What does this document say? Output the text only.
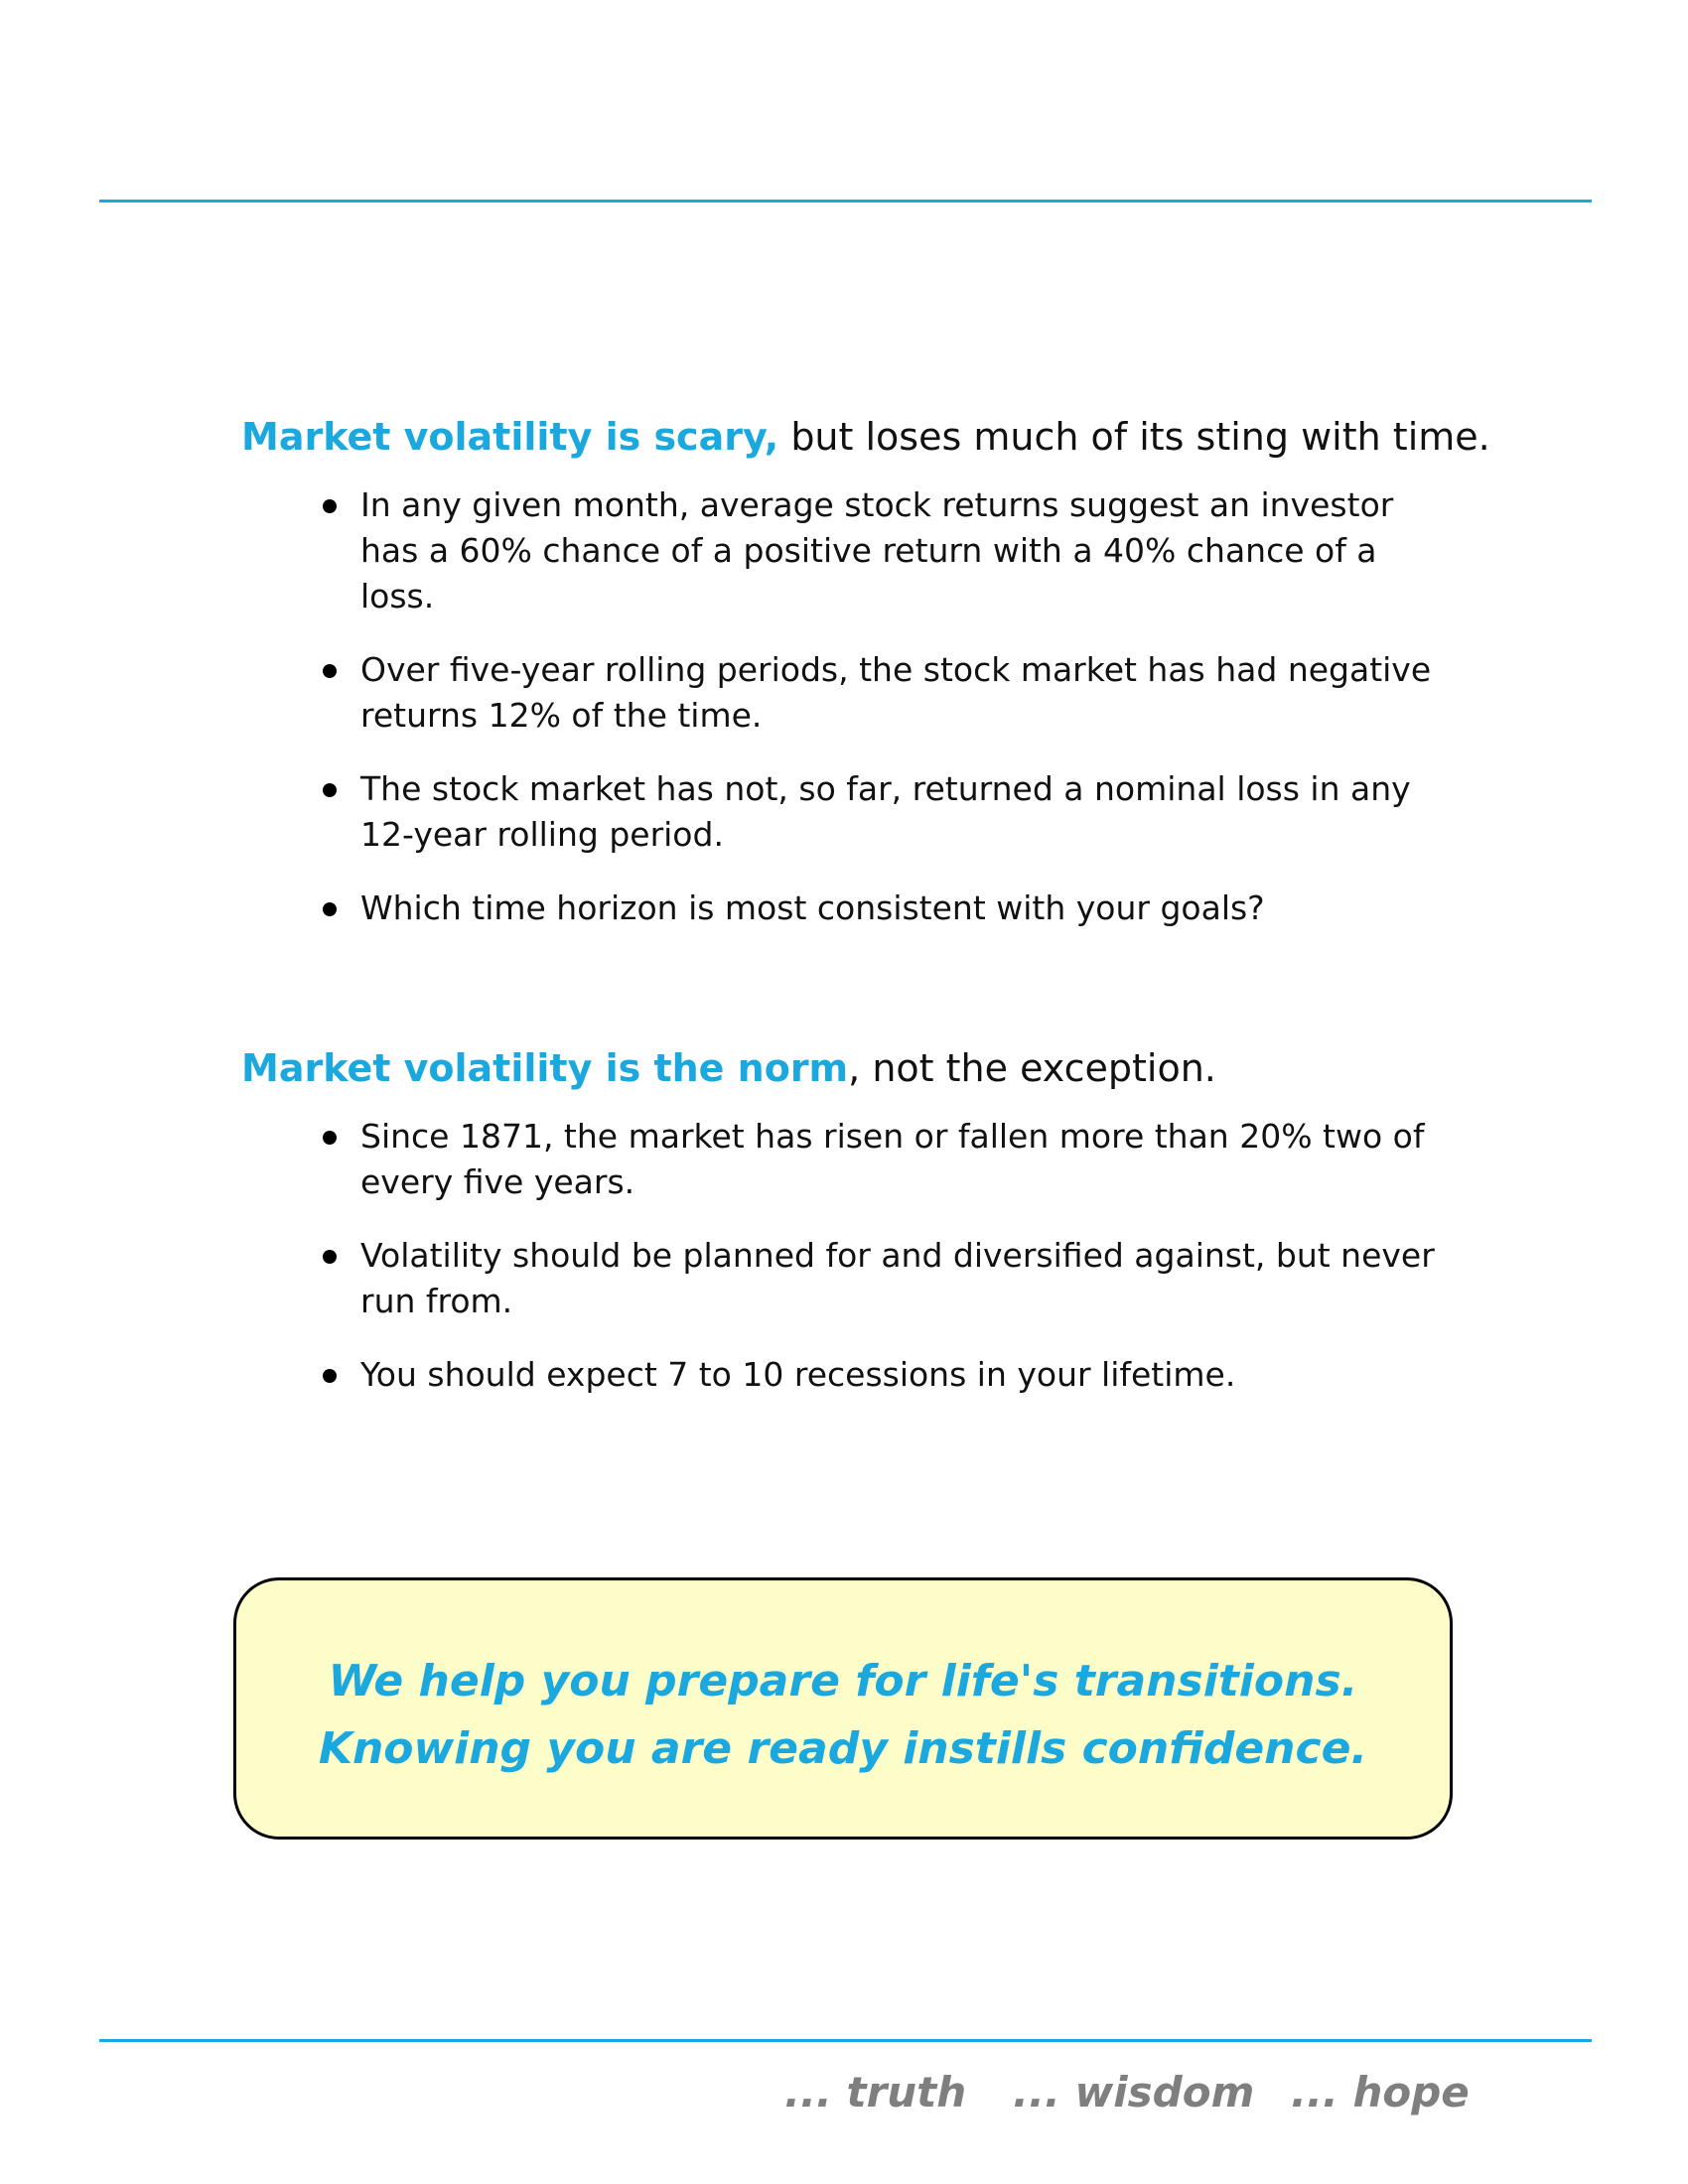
Market volatility is scary, but loses much of its sting with time.
In any given month, average stock returns suggest an investor has a 60% chance of a positive return with a 40% chance of a loss.
Over five-year rolling periods, the stock market has had negative returns 12% of the time.
The stock market has not, so far, returned a nominal loss in any 12-year rolling period.
Which time horizon is most consistent with your goals?
Market volatility is the norm, not the exception.
Since 1871, the market has risen or fallen more than 20% two of every five years.
Volatility should be planned for and diversified against, but never run from.
You should expect 7 to 10 recessions in your lifetime.
We help you prepare for life's transitions.
Knowing you are ready instills confidence.
... truth ... wisdom ... hope
